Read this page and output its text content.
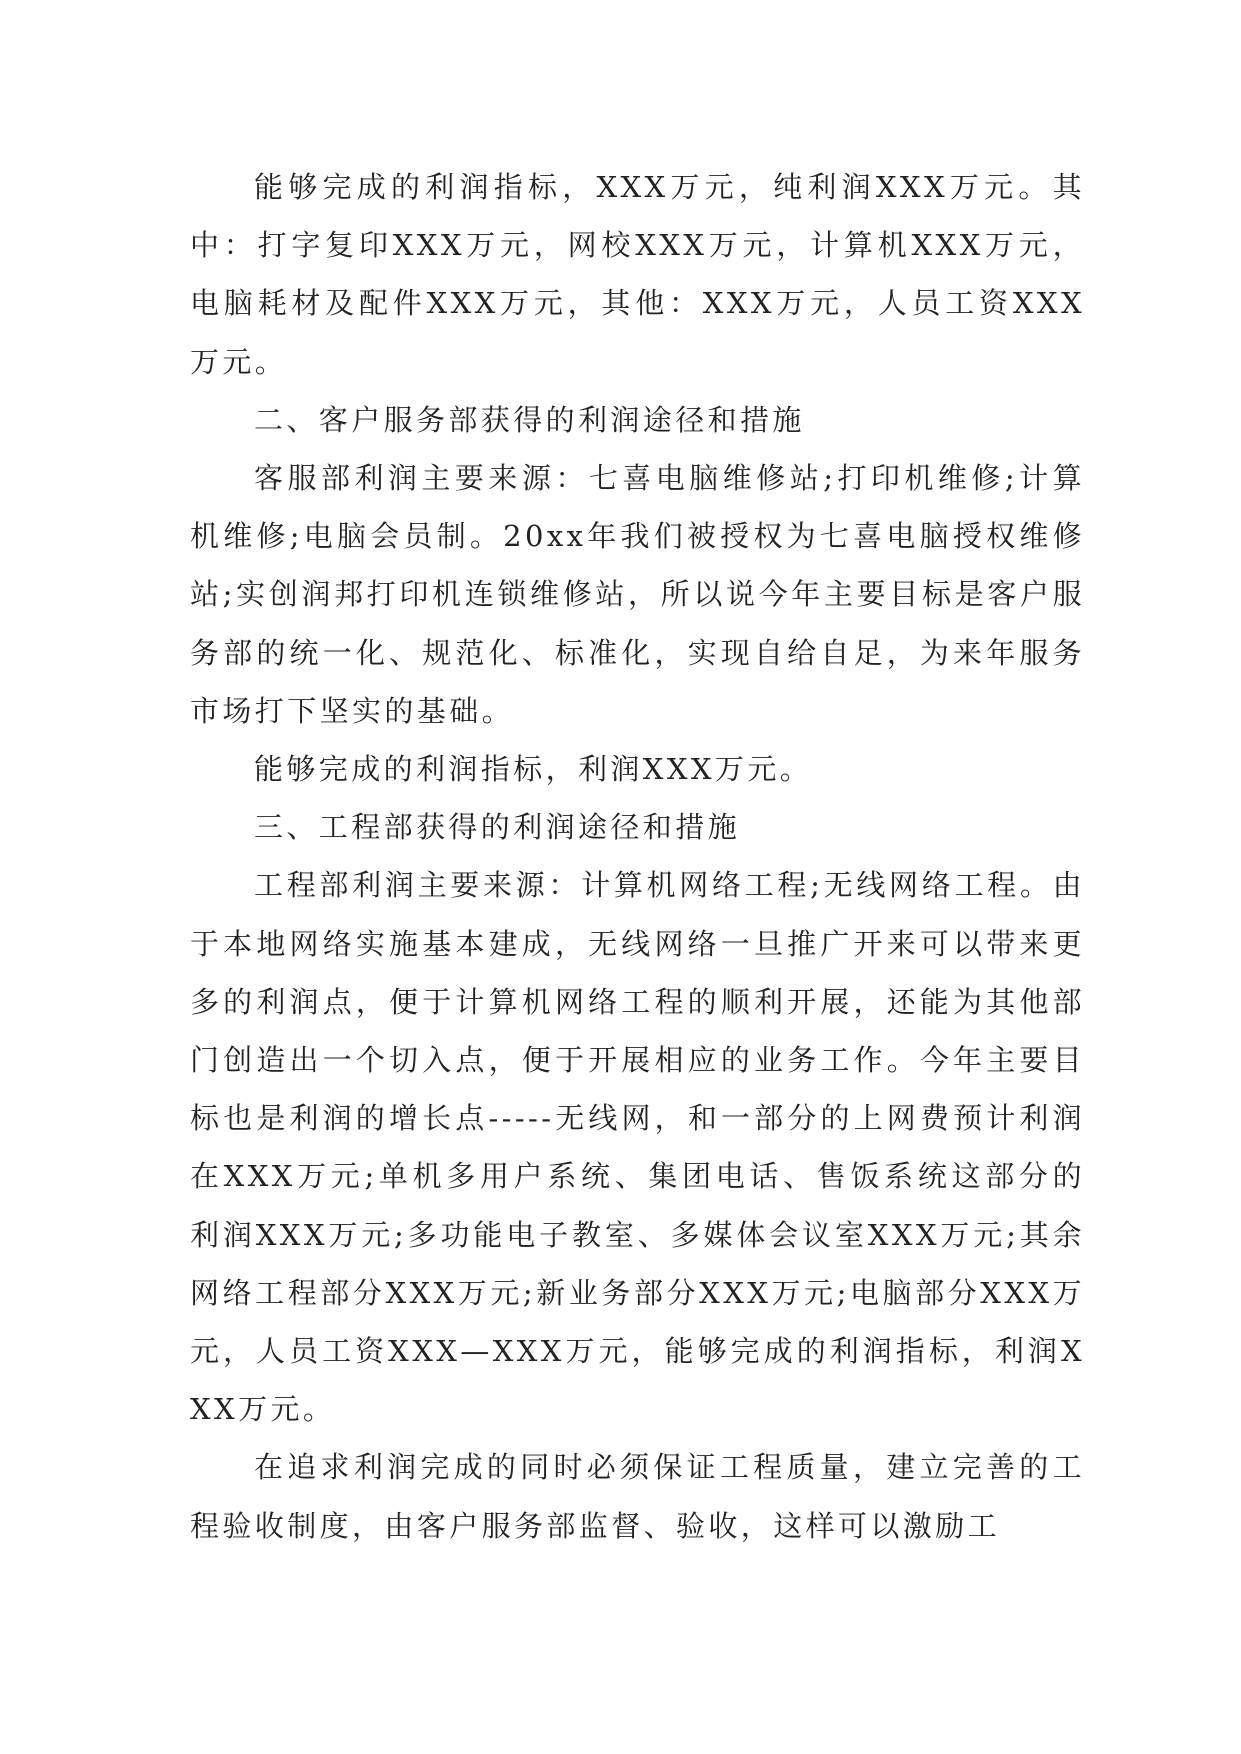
能够完成的利润指标，XXX万元，纯利润XXX万元。其中：打字复印XXX万元，网校XXX万元，计算机XXX万元，电脑耗材及配件XXX万元，其他：XXX万元，人员工资XXX万元。

二、客户服务部获得的利润途径和措施

客服部利润主要来源：七喜电脑维修站;打印机维修;计算机维修;电脑会员制。20xx年我们被授权为七喜电脑授权维修站;实创润邦打印机连锁维修站，所以说今年主要目标是客户服务部的统一化、规范化、标准化，实现自给自足，为来年服务市场打下坚实的基础。

能够完成的利润指标，利润XXX万元。

三、工程部获得的利润途径和措施

工程部利润主要来源：计算机网络工程;无线网络工程。由于本地网络实施基本建成，无线网络一旦推广开来可以带来更多的利润点，便于计算机网络工程的顺利开展，还能为其他部门创造出一个切入点，便于开展相应的业务工作。今年主要目标也是利润的增长点-----无线网，和一部分的上网费预计利润在XXX万元;单机多用户系统、集团电话、售饭系统这部分的利润XXX万元;多功能电子教室、多媒体会议室XXX万元;其余网络工程部分XXX万元;新业务部分XXX万元;电脑部分XXX万元，人员工资XXX—XXX万元，能够完成的利润指标，利润XXX万元。

在追求利润完成的同时必须保证工程质量，建立完善的工程验收制度，由客户服务部监督、验收，这样可以激励工
